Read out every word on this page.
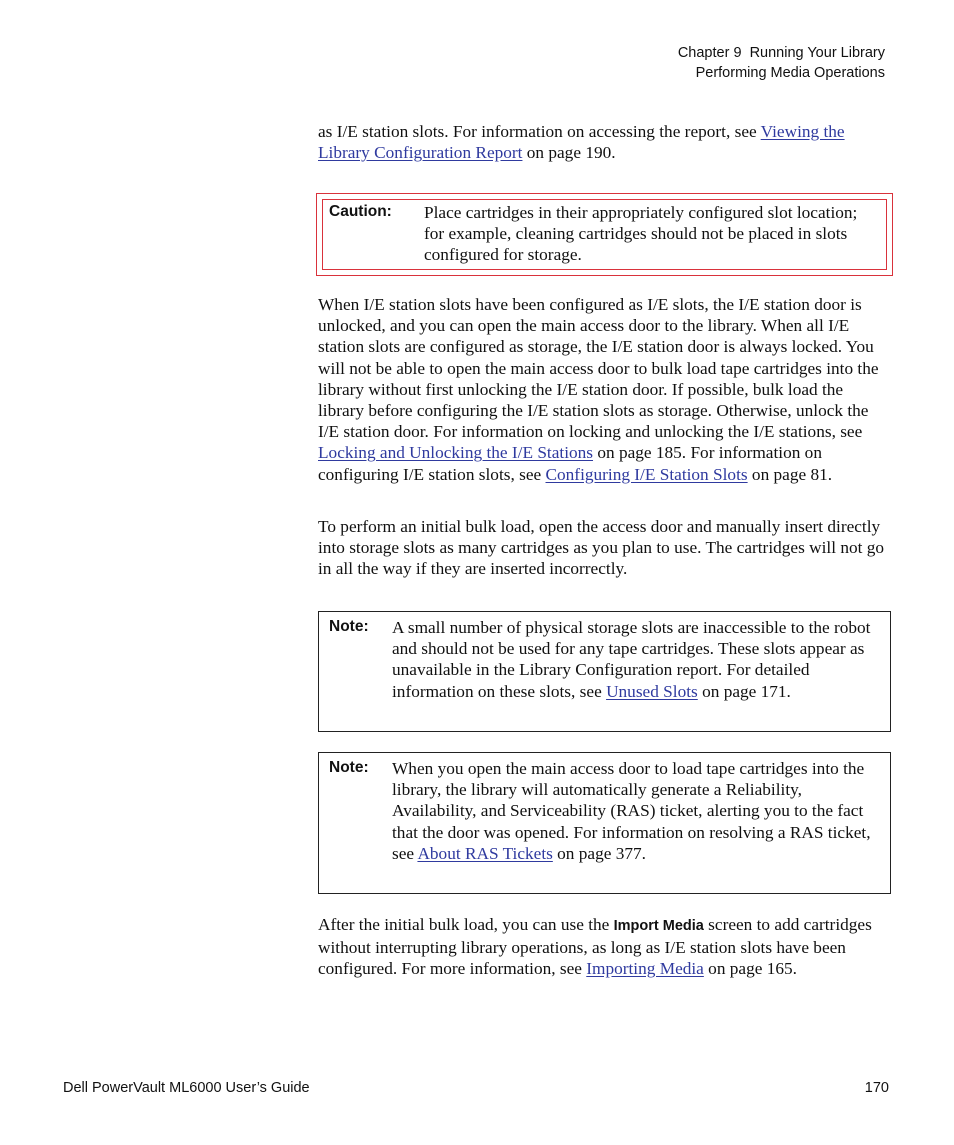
Chapter 9  Running Your Library
Performing Media Operations

as I/E station slots. For information on accessing the report, see Viewing the Library Configuration Report on page 190.

Caution: Place cartridges in their appropriately configured slot location; for example, cleaning cartridges should not be placed in slots configured for storage.

When I/E station slots have been configured as I/E slots, the I/E station door is unlocked, and you can open the main access door to the library. When all I/E station slots are configured as storage, the I/E station door is always locked. You will not be able to open the main access door to bulk load tape cartridges into the library without first unlocking the I/E station door. If possible, bulk load the library before configuring the I/E station slots as storage. Otherwise, unlock the I/E station door. For information on locking and unlocking the I/E stations, see Locking and Unlocking the I/E Stations on page 185. For information on configuring I/E station slots, see Configuring I/E Station Slots on page 81.

To perform an initial bulk load, open the access door and manually insert directly into storage slots as many cartridges as you plan to use. The cartridges will not go in all the way if they are inserted incorrectly.

Note: A small number of physical storage slots are inaccessible to the robot and should not be used for any tape cartridges. These slots appear as unavailable in the Library Configuration report. For detailed information on these slots, see Unused Slots on page 171.

Note: When you open the main access door to load tape cartridges into the library, the library will automatically generate a Reliability, Availability, and Serviceability (RAS) ticket, alerting you to the fact that the door was opened. For information on resolving a RAS ticket, see About RAS Tickets on page 377.

After the initial bulk load, you can use the Import Media screen to add cartridges without interrupting library operations, as long as I/E station slots have been configured. For more information, see Importing Media on page 165.

Dell PowerVault ML6000 User’s Guide	170
